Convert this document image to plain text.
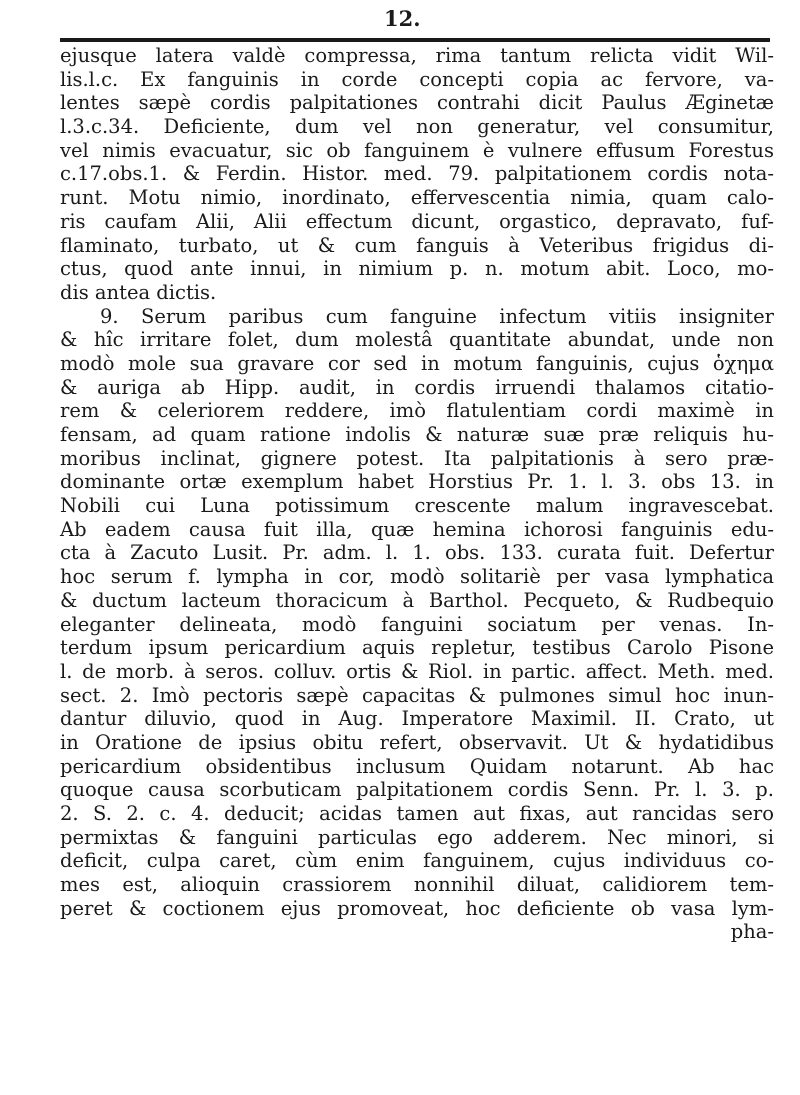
12.
ejusque latera valdè compressa, rima tantum relicta vidit Wil-
lis.l.c. Ex fanguinis in corde concepti copia ac fervore, va-
lentes sæpè cordis palpitationes contrahi dicit Paulus Æginetæ
l.3.c.34. Deficiente, dum vel non generatur, vel consumitur,
vel nimis evacuatur, sic ob fanguinem è vulnere effusum Forestus
c.17.obs.1. & Ferdin. Histor. med. 79. palpitationem cordis nota-
runt. Motu nimio, inordinato, effervescentia nimia, quam calo-
ris caufam Alii, Alii effectum dicunt, orgastico, depravato, fuf-
flaminato, turbato, ut & cum fanguis à Veteribus frigidus di-
ctus, quod ante innui, in nimium p. n. motum abit. Loco, mo-
dis antea dictis.
9. Serum paribus cum fanguine infectum vitiis insigniter
& hîc irritare folet, dum molestâ quantitate abundat, unde non
modò mole sua gravare cor sed in motum fanguinis, cujus ὁχημα
& auriga ab Hipp. audit, in cordis irruendi thalamos citatio-
rem & celeriorem reddere, imò flatulentiam cordi maximè in
fensam, ad quam ratione indolis & naturæ suæ præ reliquis hu-
moribus inclinat, gignere potest. Ita palpitationis à sero præ-
dominante ortæ exemplum habet Horstius Pr. 1. l. 3. obs 13. in
Nobili cui Luna potissimum crescente malum ingravescebat.
Ab eadem causa fuit illa, quæ hemina ichorosi fanguinis edu-
cta à Zacuto Lusit. Pr. adm. l. 1. obs. 133. curata fuit. Defertur
hoc serum f. lympha in cor, modò solitariè per vasa lymphatica
& ductum lacteum thoracicum à Barthol. Pecqueto, & Rudbequio
eleganter delineata, modò fanguini sociatum per venas. In-
terdum ipsum pericardium aquis repletur, testibus Carolo Pisone
l. de morb. à seros. colluv. ortis & Riol. in partic. affect. Meth. med.
sect. 2. Imò pectoris sæpè capacitas & pulmones simul hoc inun-
dantur diluvio, quod in Aug. Imperatore Maximil. II. Crato, ut
in Oratione de ipsius obitu refert, observavit. Ut & hydatidibus
pericardium obsidentibus inclusum Quidam notarunt. Ab hac
quoque causa scorbuticam palpitationem cordis Senn. Pr. l. 3. p.
2. S. 2. c. 4. deducit; acidas tamen aut fixas, aut rancidas sero
permixtas & fanguini particulas ego adderem. Nec minori, si
deficit, culpa caret, cùm enim fanguinem, cujus individuus co-
mes est, alioquin crassiorem nonnihil diluat, calidiorem tem-
peret & coctionem ejus promoveat, hoc deficiente ob vasa lym-
pha-
